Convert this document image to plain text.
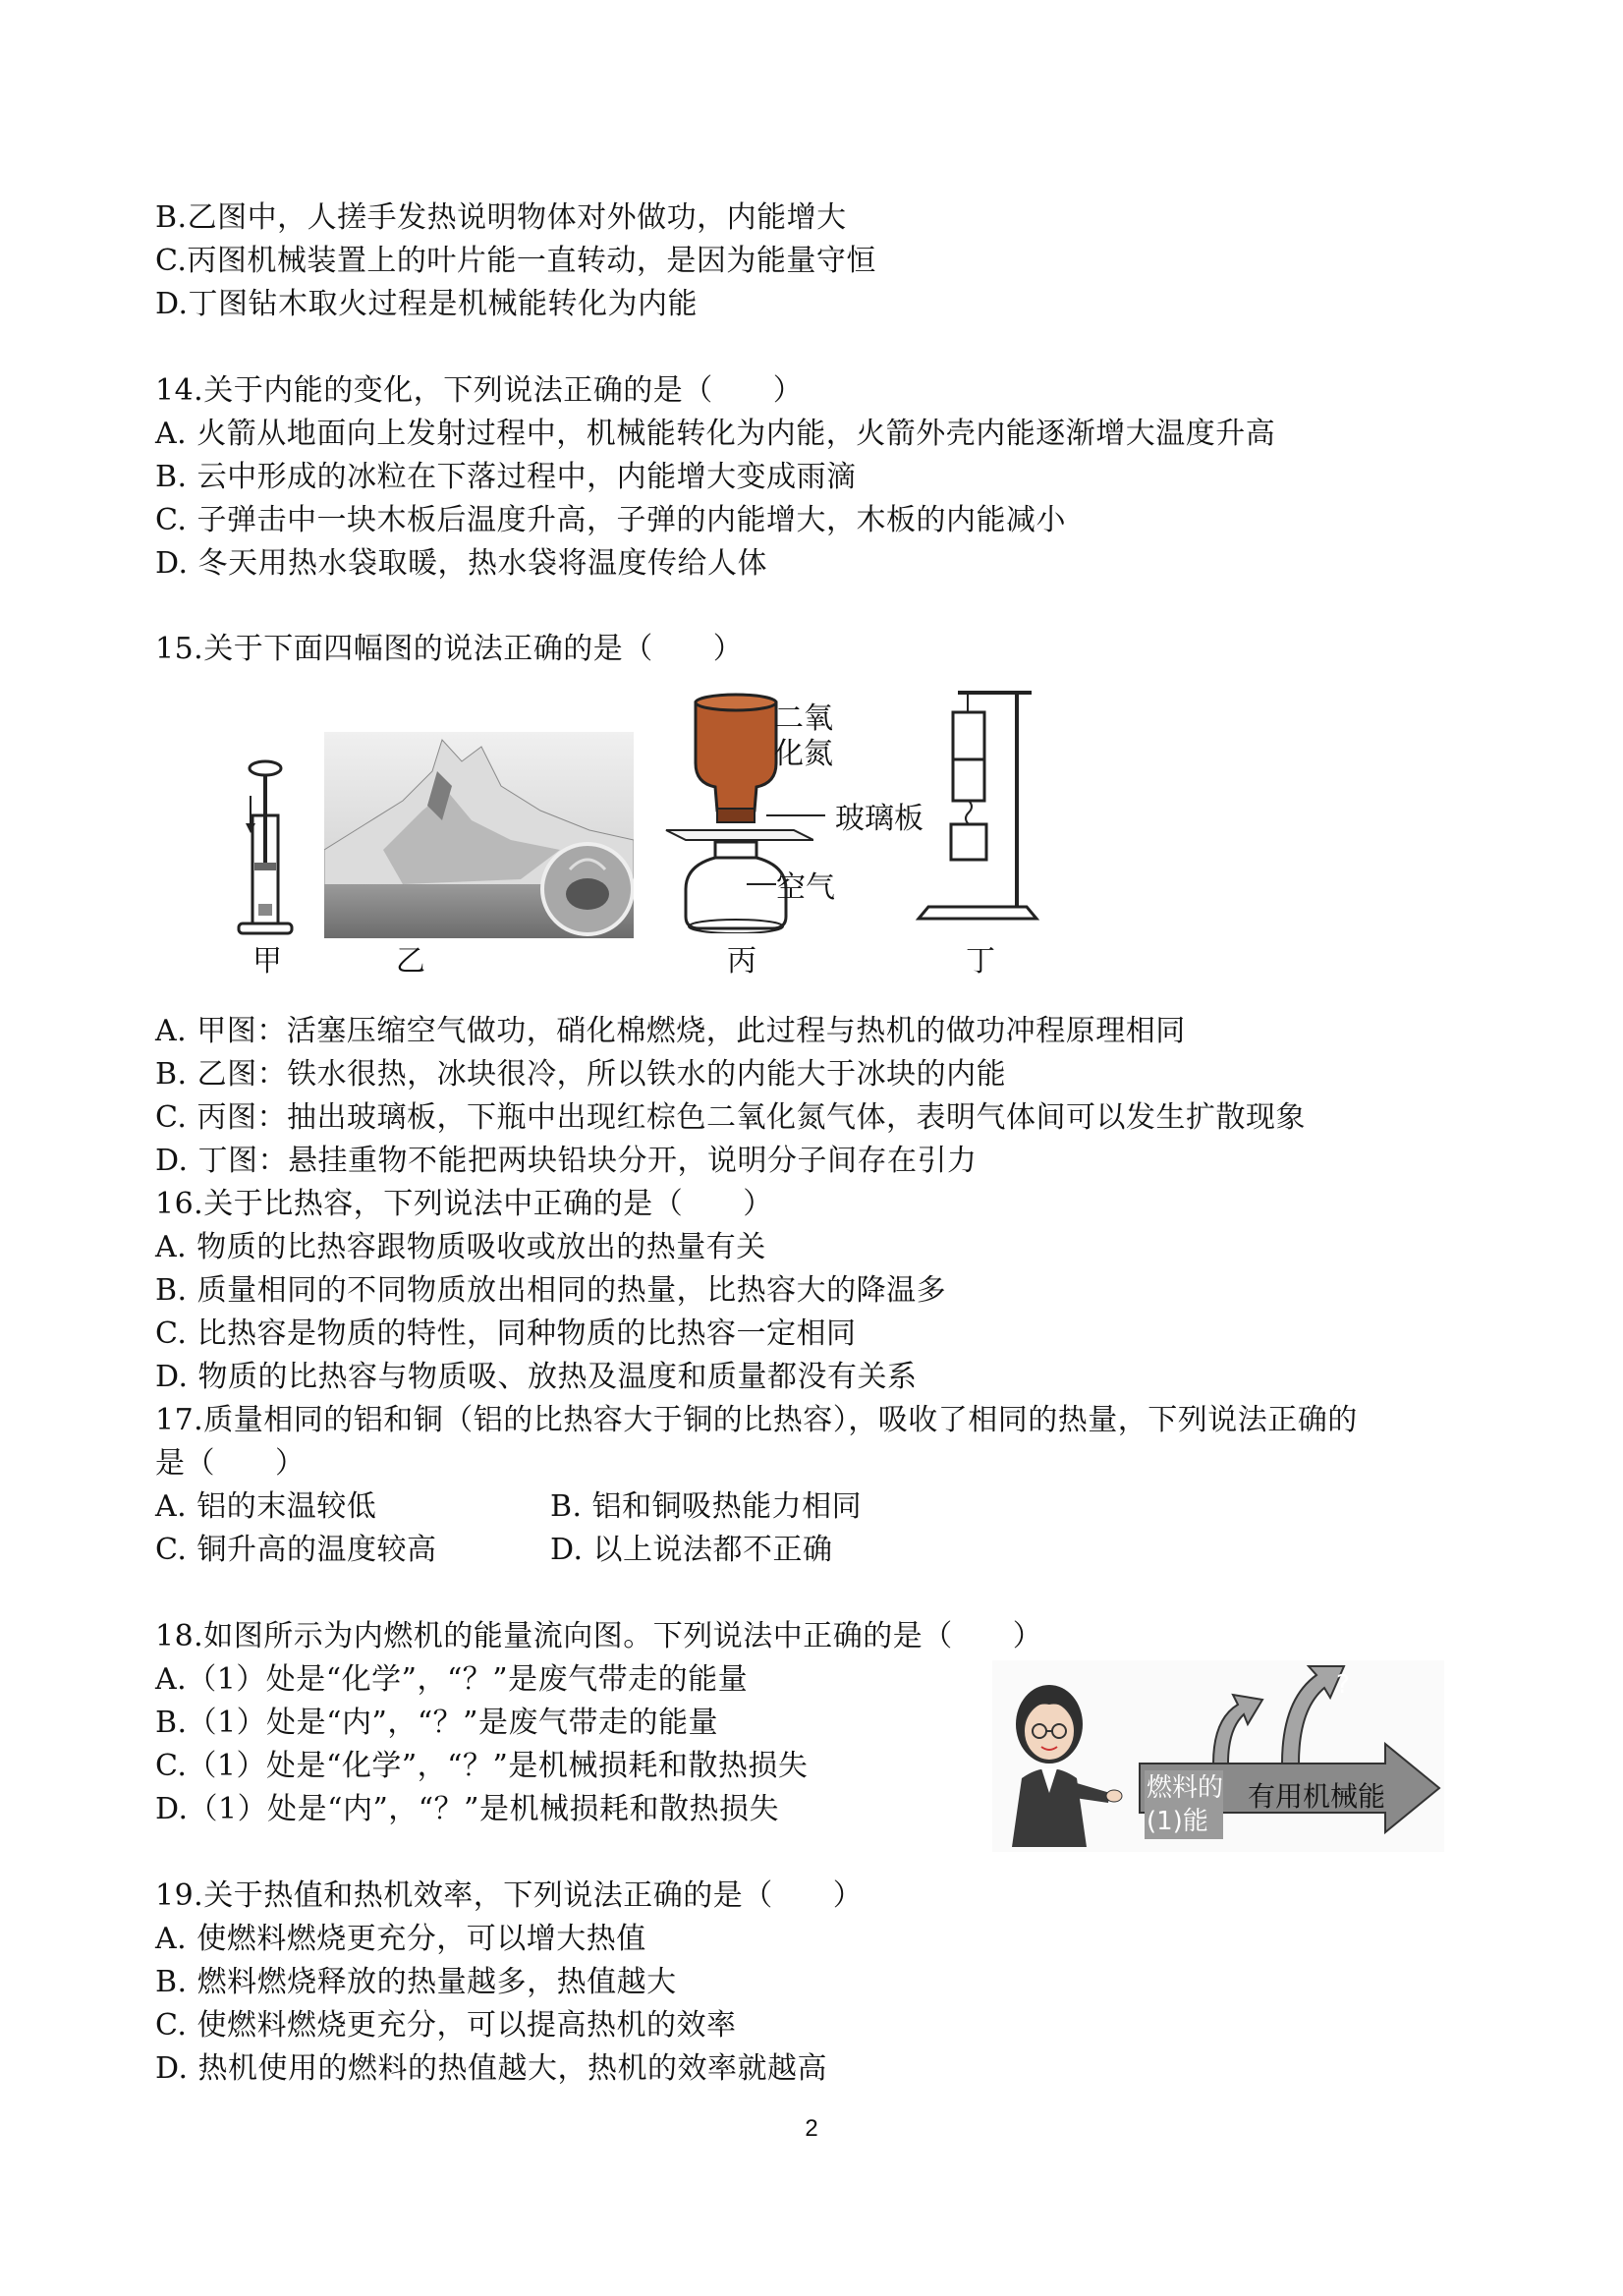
B.乙图中，人搓手发热说明物体对外做功，内能增大
C.丙图机械装置上的叶片能一直转动，是因为能量守恒
D.丁图钻木取火过程是机械能转化为内能
14.关于内能的变化，下列说法正确的是（　　）
A. 火箭从地面向上发射过程中，机械能转化为内能，火箭外壳内能逐渐增大温度升高
B. 云中形成的冰粒在下落过程中，内能增大变成雨滴
C. 子弹击中一块木板后温度升高，子弹的内能增大，木板的内能减小
D. 冬天用热水袋取暖，热水袋将温度传给人体
15.关于下面四幅图的说法正确的是（　　）
甲	乙
二氧
化氮
玻璃板
空气
丙	丁
A. 甲图：活塞压缩空气做功，硝化棉燃烧，此过程与热机的做功冲程原理相同
B. 乙图：铁水很热，冰块很冷，所以铁水的内能大于冰块的内能
C. 丙图：抽出玻璃板，下瓶中出现红棕色二氧化氮气体，表明气体间可以发生扩散现象
D. 丁图：悬挂重物不能把两块铅块分开，说明分子间存在引力
16.关于比热容，下列说法中正确的是（　　）
A. 物质的比热容跟物质吸收或放出的热量有关
B. 质量相同的不同物质放出相同的热量，比热容大的降温多
C. 比热容是物质的特性，同种物质的比热容一定相同
D. 物质的比热容与物质吸、放热及温度和质量都没有关系
17.质量相同的铝和铜（铝的比热容大于铜的比热容），吸收了相同的热量，下列说法正确的
是（　　）
A. 铝的末温较低	B. 铝和铜吸热能力相同
C. 铜升高的温度较高	D. 以上说法都不正确
18.如图所示为内燃机的能量流向图。下列说法中正确的是（　　）
A.（1）处是“化学”，“？”是废气带走的能量
B.（1）处是“内”，“？”是废气带走的能量
C.（1）处是“化学”，“？”是机械损耗和散热损失
D.（1）处是“内”，“？”是机械损耗和散热损失
燃料的
(1)能
有用机械能
?
19.关于热值和热机效率，下列说法正确的是（　　）
A. 使燃料燃烧更充分，可以增大热值
B. 燃料燃烧释放的热量越多，热值越大
C. 使燃料燃烧更充分，可以提高热机的效率
D. 热机使用的燃料的热值越大，热机的效率就越高
2
